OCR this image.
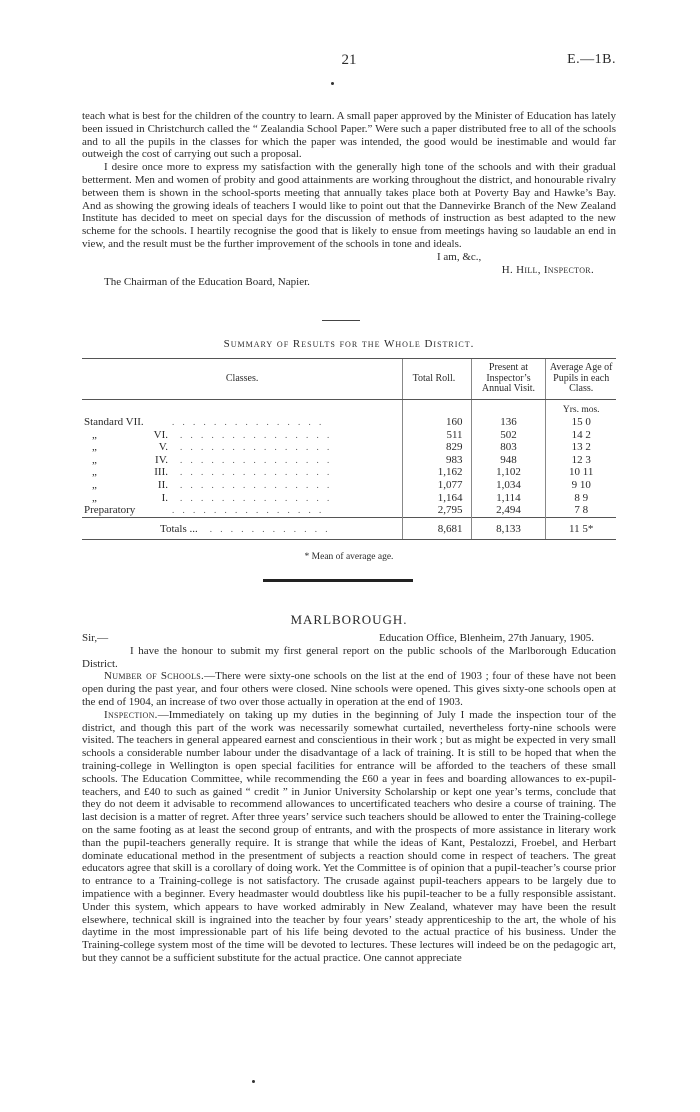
21	E.—1B.

teach what is best for the children of the country to learn. A small paper approved by the Minister of Education has lately been issued in Christchurch called the “ Zealandia School Paper.” Were such a paper distributed free to all of the schools and to all the pupils in the classes for which the paper was intended, the good would be inestimable and would far outweigh the cost of carrying out such a proposal.

I desire once more to express my satisfaction with the generally high tone of the schools and with their gradual betterment. Men and women of probity and good attainments are working throughout the district, and honourable rivalry between them is shown in the school-sports meeting that annually takes place both at Poverty Bay and Hawke’s Bay. And as showing the growing ideals of teachers I would like to point out that the Dannevirke Branch of the New Zealand Institute has decided to meet on special days for the discussion of methods of instruction as best adapted to the new scheme for the schools. I heartily recognise the good that is likely to ensue from meetings having so laudable an end in view, and the result must be the further improvement of the schools in tone and ideals.

I am, &c.,

H. Hill, Inspector.

The Chairman of the Education Board, Napier.

Summary of Results for the Whole District.
Classes.	Total Roll.	Present at Inspector’s Annual Visit.	Average Age of Pupils in each Class.
			Yrs. mos.
Standard VII. . . . . . . . . . . . . . . .	160	136	15 0
„ VI. . . . . . . . . . . . . . . .	511	502	14 2
„ V. . . . . . . . . . . . . . . .	829	803	13 2
„ IV. . . . . . . . . . . . . . . .	983	948	12 3
„ III. . . . . . . . . . . . . . . .	1,162	1,102	10 11
„ II. . . . . . . . . . . . . . . .	1,077	1,034	9 10
„ I. . . . . . . . . . . . . . . .	1,164	1,114	8 9
Preparatory . . . . . . . . . . . . . . .	2,795	2,494	7 8
Totals ... . . . . . . . . . . . .	8,681	8,133	11 5*
* Mean of average age.
MARLBOROUGH.

Sir,—	Education Office, Blenheim, 27th January, 1905.

I have the honour to submit my first general report on the public schools of the Marlborough Education District.

Number of Schools.—There were sixty-one schools on the list at the end of 1903 ; four of these have not been open during the past year, and four others were closed. Nine schools were opened. This gives sixty-one schools open at the end of 1904, an increase of two over those actually in operation at the end of 1903.

Inspection.—Immediately on taking up my duties in the beginning of July I made the inspection tour of the district, and though this part of the work was necessarily somewhat curtailed, nevertheless forty-nine schools were visited. The teachers in general appeared earnest and conscientious in their work ; but as might be expected in very small schools a considerable number labour under the disadvantage of a lack of training. It is still to be hoped that when the training-college in Wellington is open special facilities for entrance will be afforded to the teachers of these small schools. The Education Committee, while recommending the £60 a year in fees and boarding allowances to ex-pupil-teachers, and £40 to such as gained “ credit ” in Junior University Scholarship or kept one year’s terms, conclude that they do not deem it advisable to recommend allowances to uncertificated teachers who desire a course of training. The last decision is a matter of regret. After three years’ service such teachers should be allowed to enter the Training-college on the same footing as at least the second group of entrants, and with the prospects of more assistance in literary work than the pupil-teachers generally require. It is strange that while the ideas of Kant, Pestalozzi, Froebel, and Herbart dominate educational method in the presentment of subjects a reaction should come in respect of teachers. The great educators agree that skill is a corollary of doing work. Yet the Committee is of opinion that a pupil-teacher’s course prior to entrance to a Training-college is not satisfactory. The crusade against pupil-teachers appears to be largely due to impatience with a beginner. Every headmaster would doubtless like his pupil-teacher to be a fully responsible assistant. Under this system, which appears to have worked admirably in New Zealand, whatever may have been the result elsewhere, technical skill is ingrained into the teacher by four years’ steady apprenticeship to the art, the whole of his daytime in the most impressionable part of his life being devoted to the actual practice of his business. Under the Training-college system most of the time will be devoted to lectures. These lectures will indeed be on the pedagogic art, but they cannot be a sufficient substitute for the actual practice. One cannot appreciate
